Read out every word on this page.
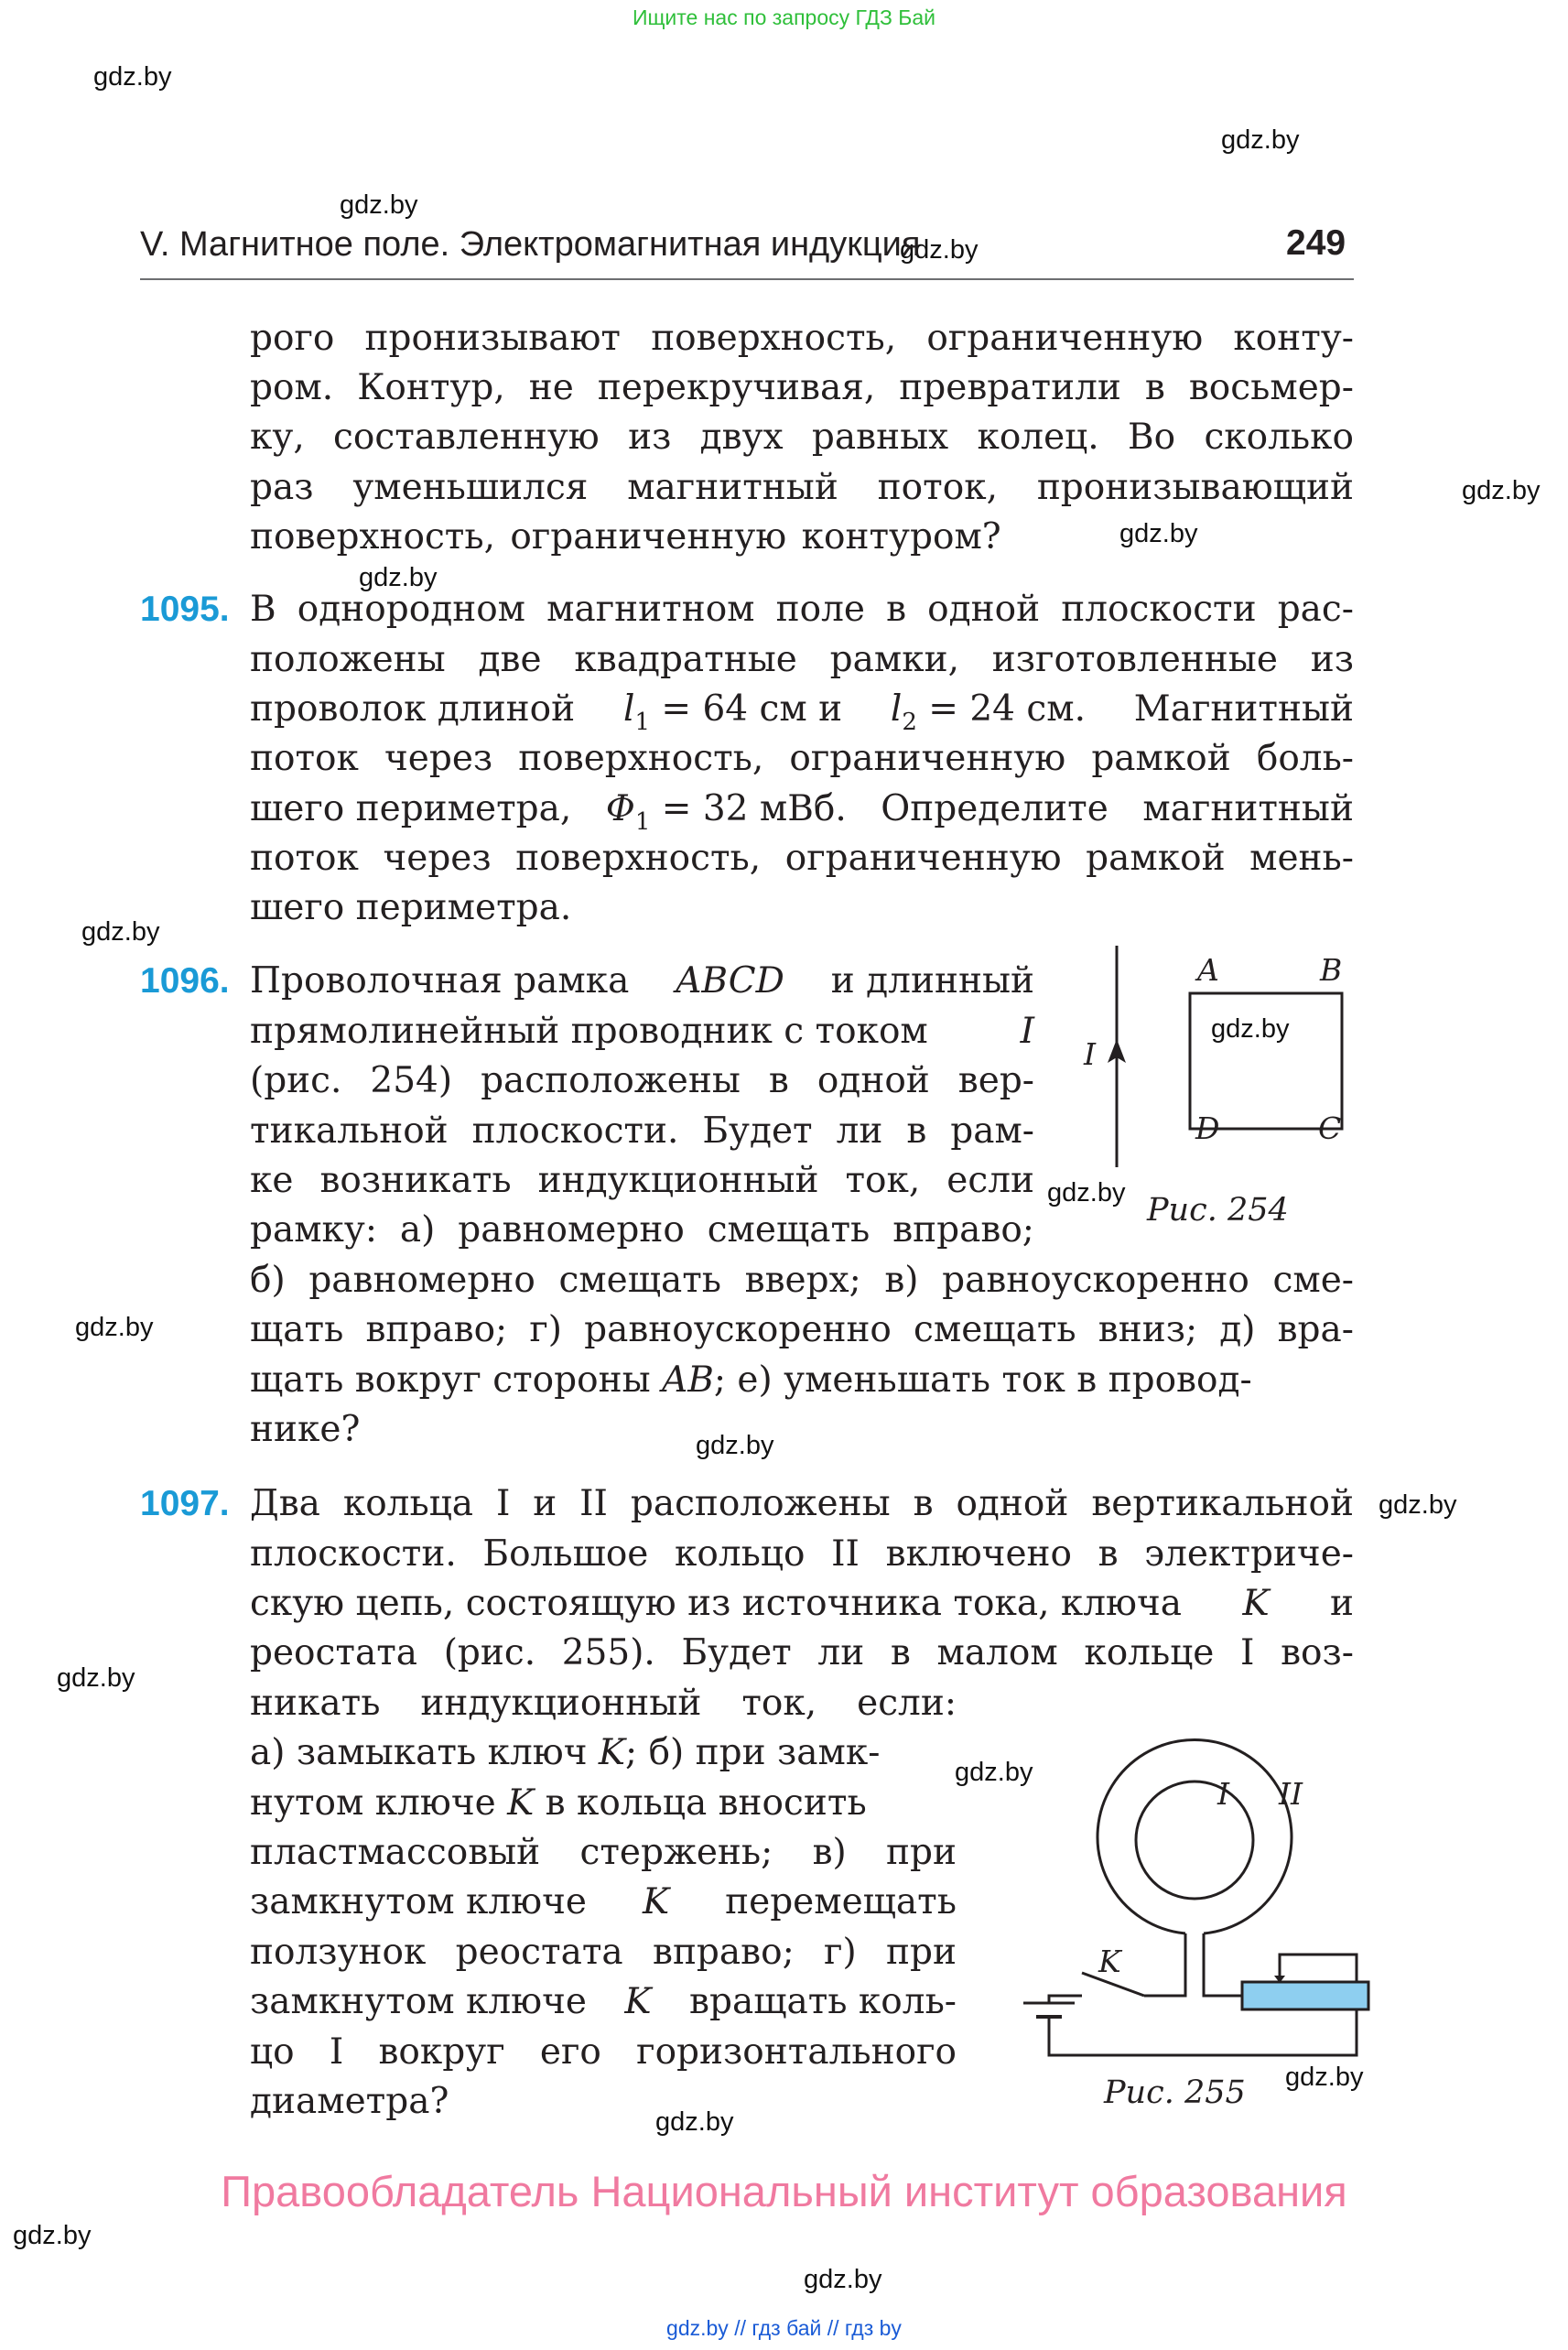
Ищите нас по запросу ГДЗ Бай
gdz.by
gdz.by
gdz.by
gdz.by
gdz.by
gdz.by
gdz.by
gdz.by
gdz.by
gdz.by
gdz.by
gdz.by
gdz.by
gdz.by
gdz.by
gdz.by
gdz.by
gdz.by
gdz.by
V. Магнитное поле. Электромагнитная индукция	249
рого пронизывают поверхность, ограниченную конту-
ром. Контур, не перекручивая, превратили в восьмер-
ку, составленную из двух равных колец. Во сколько
раз уменьшился магнитный поток, пронизывающий
поверхность, ограниченную контуром?
1095. В однородном магнитном поле в одной плоскости рас-
положены две квадратные рамки, изготовленные из
проволок длиной $l_1 = 64$ см и $l_2 = 24$ см. Магнитный
поток через поверхность, ограниченную рамкой боль-
шего периметра, $\Phi_1 = 32$ мВб. Определите магнитный
поток через поверхность, ограниченную рамкой мень-
шего периметра.
1096. Проволочная рамка ABCD и длинный
прямолинейный проводник с током	I
(рис. 254) расположены в одной вер-
тикальной плоскости. Будет ли в рам-
ке возникать индукционный ток, если
рамку: а) равномерно смещать вправо;
б) равномерно смещать вверх; в) равноускоренно сме-
щать вправо; г) равноускоренно смещать вниз; д) вра-
щать вокруг стороны AB; е) уменьшать ток в провод-
нике?
I
A	B
D	C
Рис. 254
1097. Два кольца I и II расположены в одной вертикальной
плоскости. Большое кольцо II включено в электриче-
скую цепь, состоящую из источника тока, ключа K и
реостата (рис. 255). Будет ли в малом кольце I воз-
никать индукционный ток, если:
а) замыкать ключ K; б) при замк-
нутом ключе K в кольца вносить
пластмассовый стержень; в) при
замкнутом ключе K перемещать
ползунок реостата вправо; г) при
замкнутом ключе K вращать коль-
цо I вокруг его горизонтального
диаметра?
I II
K
Рис. 255
Правообладатель Национальный институт образования
gdz.by // гдз бай // гдз by
